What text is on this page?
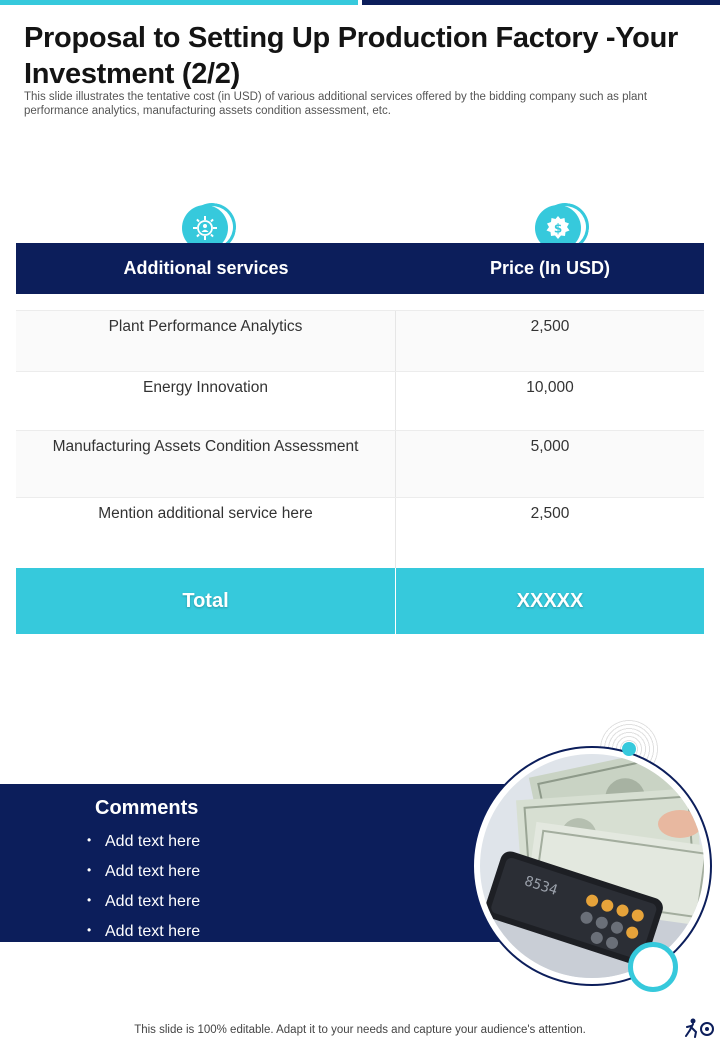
Proposal to Setting Up Production Factory -Your Investment (2/2)

This slide illustrates the tentative cost (in USD) of various additional services offered by the bidding company such as plant performance analytics, manufacturing assets condition assessment, etc.

$
Additional services	Price (In USD)
Plant Performance Analytics	2,500
Energy Innovation	10,000
Manufacturing Assets Condition Assessment	5,000
Mention additional service here	2,500
Total	XXXXX
Comments
• Add text here
• Add text here
• Add text here
• Add text here
8534
This slide is 100% editable. Adapt it to your needs and capture your audience's attention.
